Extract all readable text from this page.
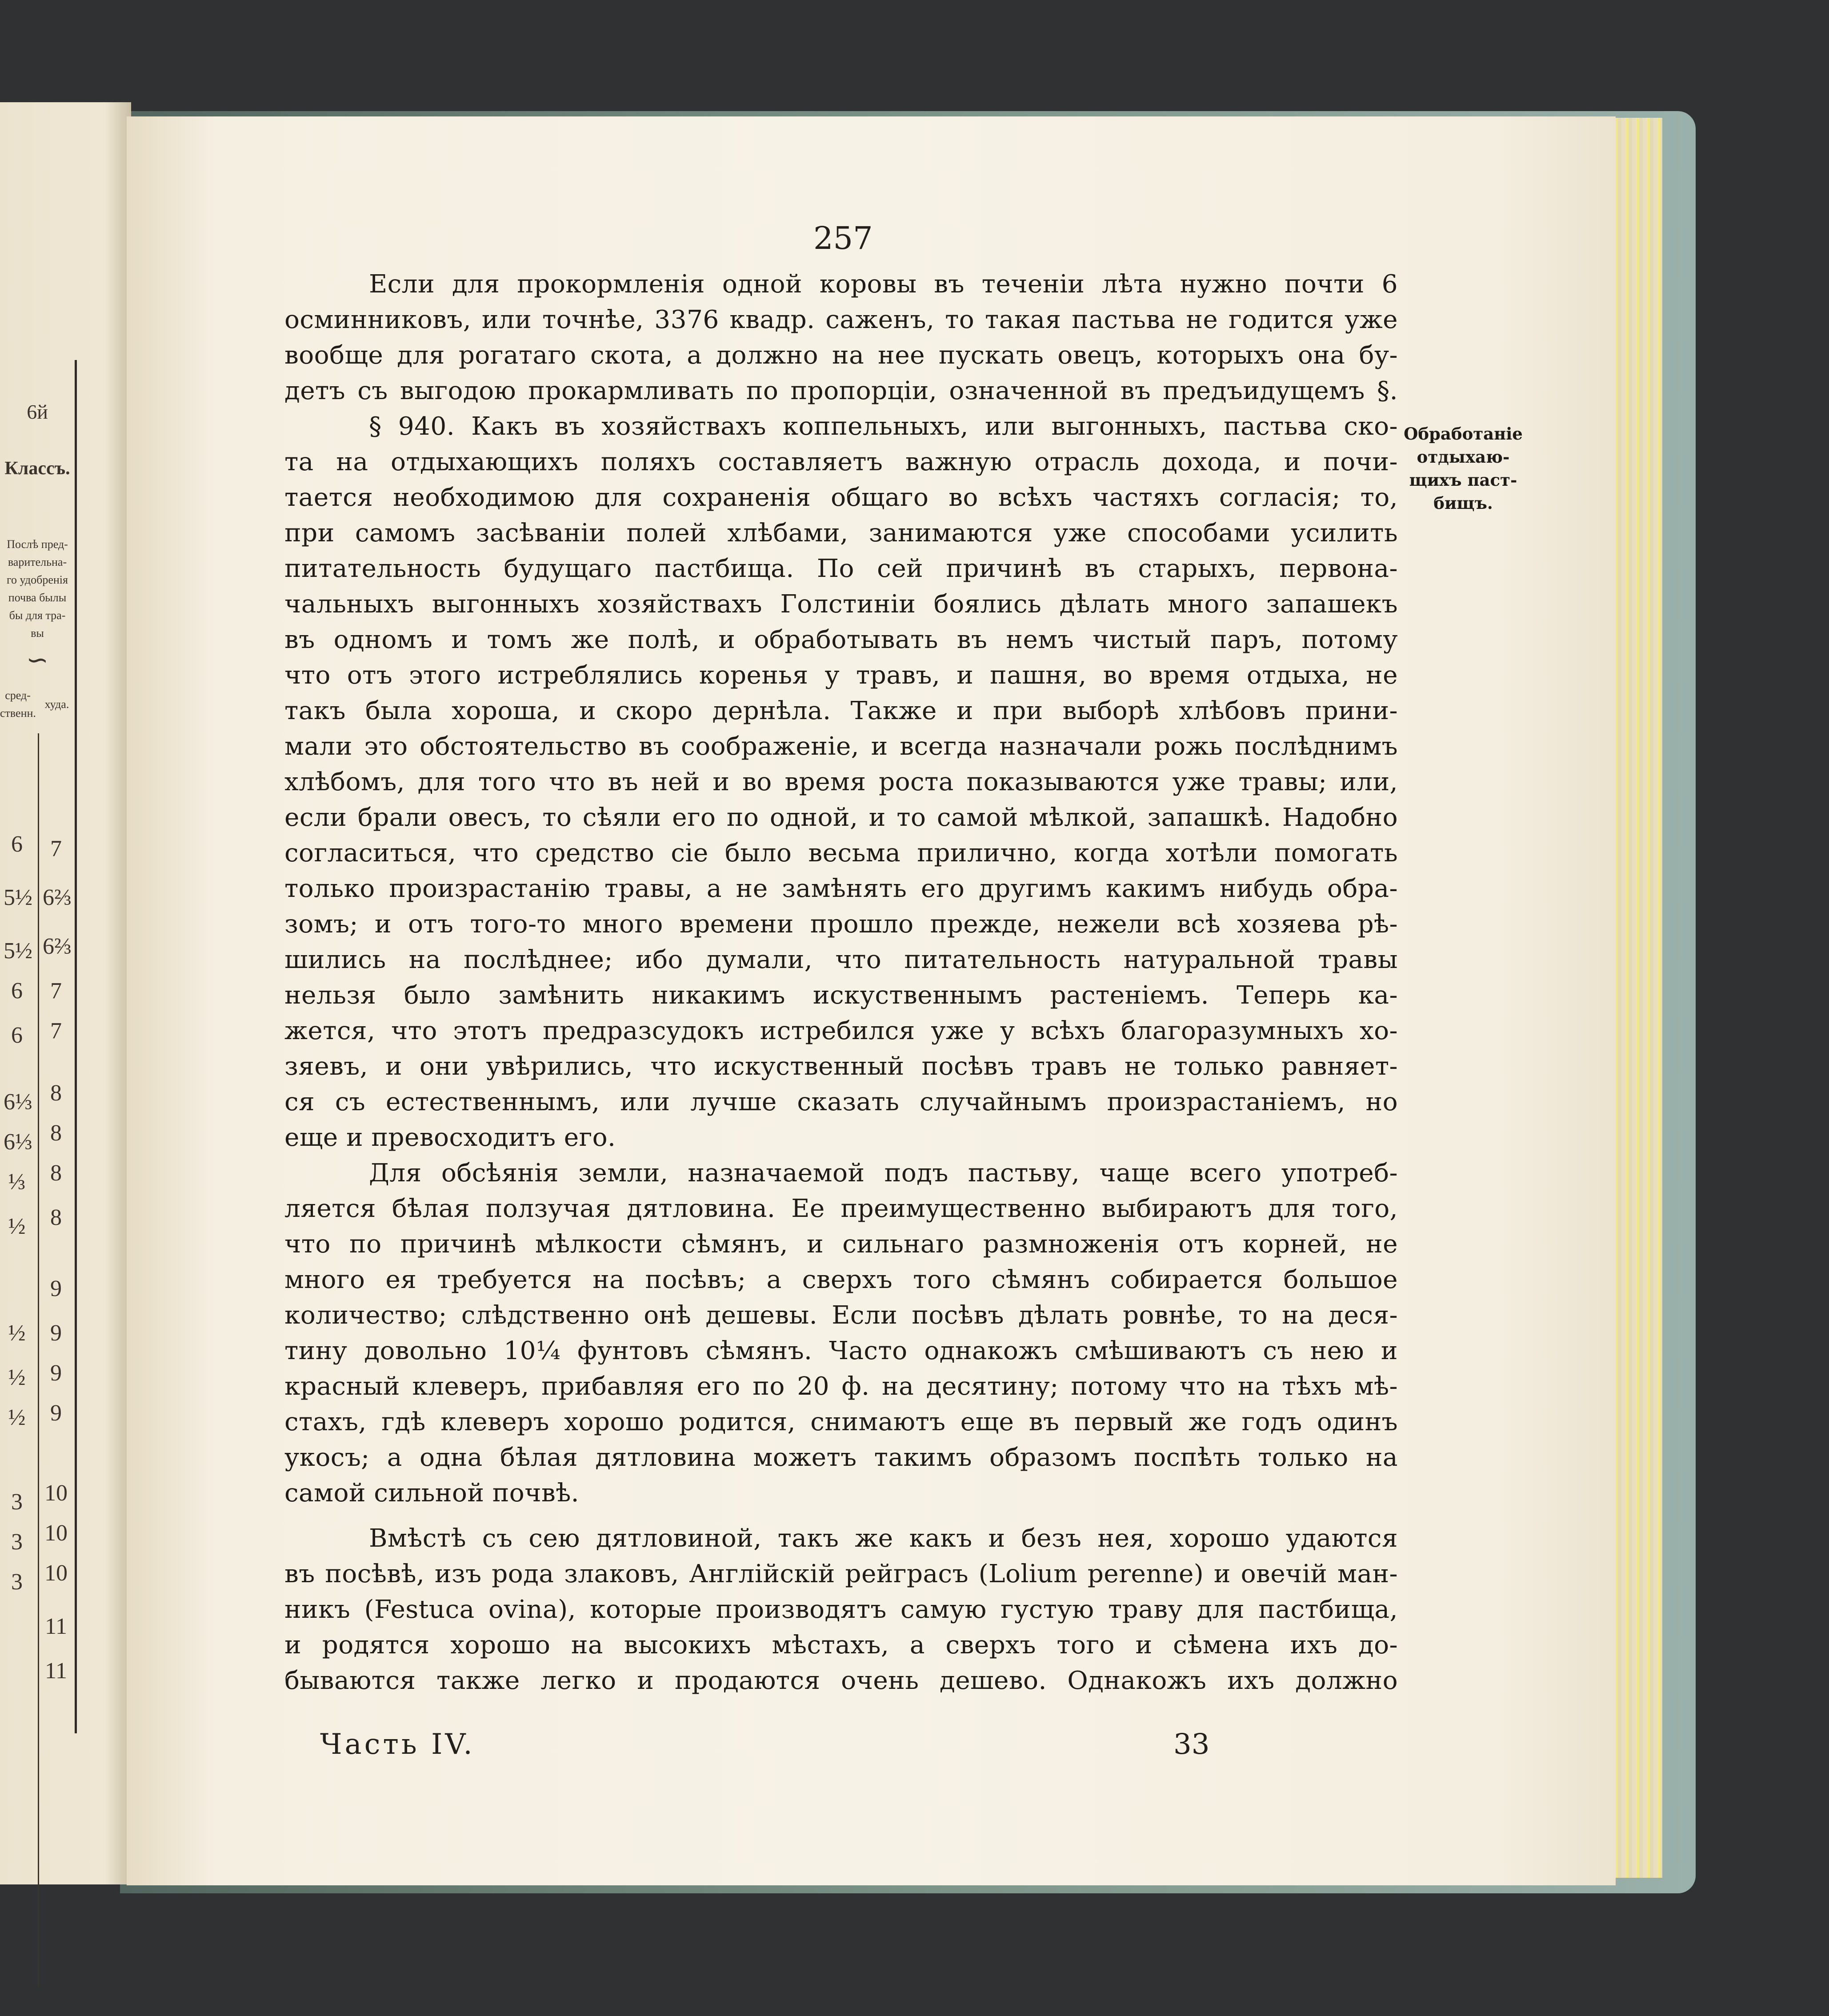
6й
Классъ.
Послѣ пред-
варительна-
го удобренія
почва былы
бы для тра-
вы
∽
сред-
ственн.
худа.
6
5½
5½
6
6
6⅓
6⅓
⅓
½
½
½
½
3
3
3
7
6⅔
6⅔
7
7
8
8
8
8
9
9
9
9
10
10
10
11
11
257
Если для прокормленія одной коровы въ теченіи лѣта нужно почти 6
осминниковъ, или точнѣе, 3376 квадр. саженъ, то такая пастьва не годится уже
вообще для рогатаго скота, а должно на нее пускать овецъ, которыхъ она бу-
детъ съ выгодою прокармливать по пропорціи, означенной въ предъидущемъ §.
§ 940. Какъ въ хозяйствахъ коппельныхъ, или выгонныхъ, пастьва ско-
та на отдыхающихъ поляхъ составляетъ важную отрасль дохода, и почи-
тается необходимою для сохраненія общаго во всѣхъ частяхъ согласія; то,
при самомъ засѣваніи полей хлѣбами, занимаются уже способами усилить
питательность будущаго пастбища. По сей причинѣ въ старыхъ, первона-
чальныхъ выгонныхъ хозяйствахъ Голстиніи боялись дѣлать много запашекъ
въ одномъ и томъ же полѣ, и обработывать въ немъ чистый паръ, потому
что отъ этого истреблялись коренья у травъ, и пашня, во время отдыха, не
такъ была хороша, и скоро дернѣла. Также и при выборѣ хлѣбовъ прини-
мали это обстоятельство въ соображеніе, и всегда назначали рожь послѣднимъ
хлѣбомъ, для того что въ ней и во время роста показываются уже травы; или,
если брали овесъ, то сѣяли его по одной, и то самой мѣлкой, запашкѣ. Надобно
согласиться, что средство сіе было весьма прилично, когда хотѣли помогать
только произрастанію травы, а не замѣнять его другимъ какимъ нибудь обра-
зомъ; и отъ того-то много времени прошло прежде, нежели всѣ хозяева рѣ-
шились на послѣднее; ибо думали, что питательность натуральной травы
нельзя было замѣнить никакимъ искуственнымъ растеніемъ. Теперь ка-
жется, что этотъ предразсудокъ истребился уже у всѣхъ благоразумныхъ хо-
зяевъ, и они увѣрились, что искуственный посѣвъ травъ не только равняет-
ся съ естественнымъ, или лучше сказать случайнымъ произрастаніемъ, но
еще и превосходитъ его.
Для обсѣянія земли, назначаемой подъ пастьву, чаще всего употреб-
ляется бѣлая ползучая дятловина. Ее преимущественно выбираютъ для того,
что по причинѣ мѣлкости сѣмянъ, и сильнаго размноженія отъ корней, не
много ея требуется на посѣвъ; а сверхъ того сѣмянъ собирается большое
количество; слѣдственно онѣ дешевы. Если посѣвъ дѣлать ровнѣе, то на деся-
тину довольно 10¼ фунтовъ сѣмянъ. Часто однакожъ смѣшиваютъ съ нею и
красный клеверъ, прибавляя его по 20 ф. на десятину; потому что на тѣхъ мѣ-
стахъ, гдѣ клеверъ хорошо родится, снимаютъ еще въ первый же годъ одинъ
укосъ; а одна бѣлая дятловина можетъ такимъ образомъ поспѣть только на
самой сильной почвѣ.
Вмѣстѣ съ сею дятловиной, такъ же какъ и безъ нея, хорошо удаются
въ посѣвѣ, изъ рода злаковъ, Англійскій рейграсъ (Lolium perenne) и овечій ман-
никъ (Festuca ovina), которые производятъ самую густую траву для пастбища,
и родятся хорошо на высокихъ мѣстахъ, а сверхъ того и сѣмена ихъ до-
бываются также легко и продаются очень дешево. Однакожъ ихъ должно
Обработаніе
отдыхаю-
щихъ паст-
бищъ.
Часть IV.	33
